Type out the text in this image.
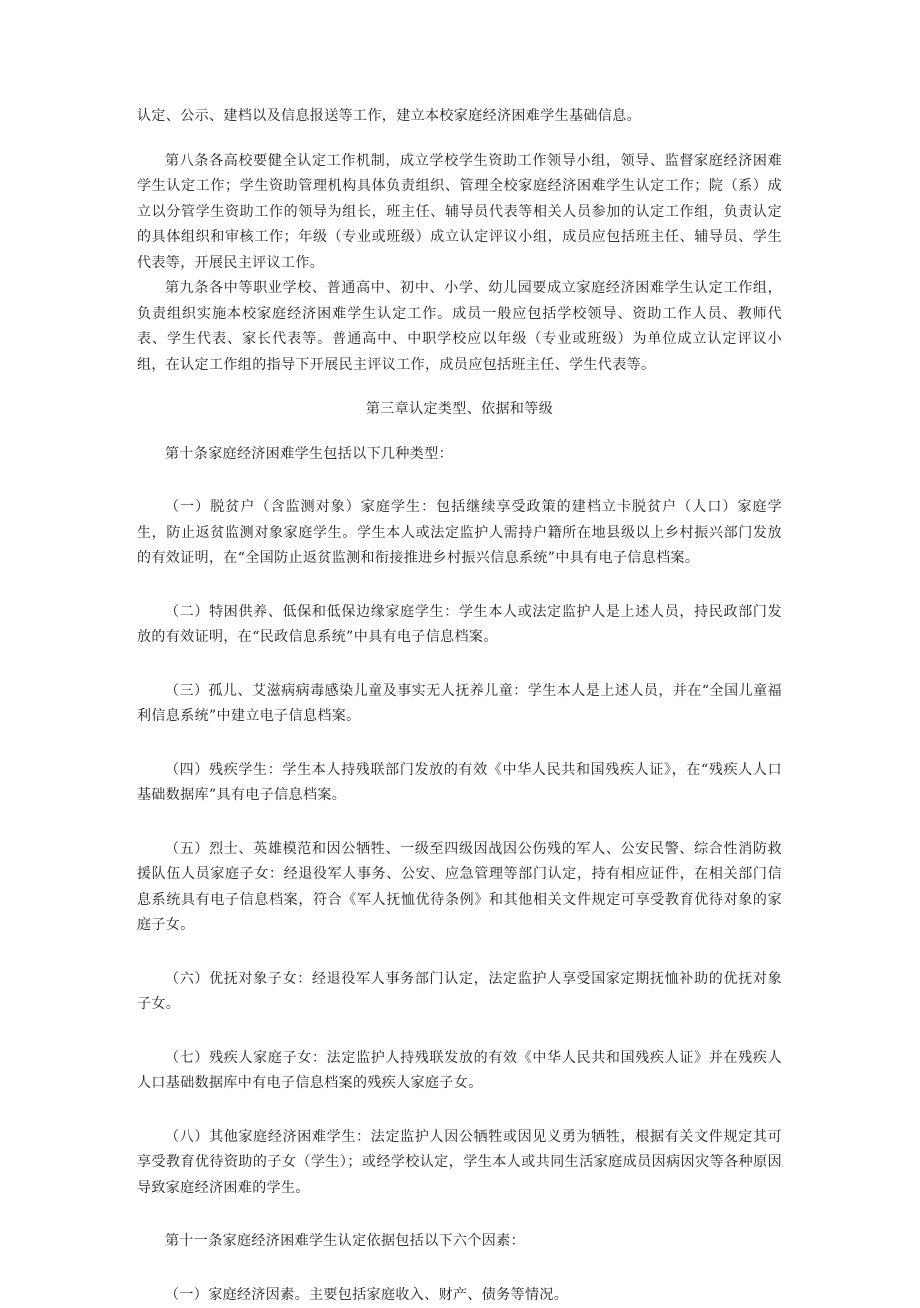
认定、公示、建档以及信息报送等工作，建立本校家庭经济困难学生基础信息。

第八条各高校要健全认定工作机制，成立学校学生资助工作领导小组，领导、监督家庭经济困难学生认定工作；学生资助管理机构具体负责组织、管理全校家庭经济困难学生认定工作；院（系）成立以分管学生资助工作的领导为组长，班主任、辅导员代表等相关人员参加的认定工作组，负责认定的具体组织和审核工作；年级（专业或班级）成立认定评议小组，成员应包括班主任、辅导员、学生代表等，开展民主评议工作。

第九条各中等职业学校、普通高中、初中、小学、幼儿园要成立家庭经济困难学生认定工作组，负责组织实施本校家庭经济困难学生认定工作。成员一般应包括学校领导、资助工作人员、教师代表、学生代表、家长代表等。普通高中、中职学校应以年级（专业或班级）为单位成立认定评议小组，在认定工作组的指导下开展民主评议工作，成员应包括班主任、学生代表等。

第三章认定类型、依据和等级

第十条家庭经济困难学生包括以下几种类型：

（一）脱贫户（含监测对象）家庭学生：包括继续享受政策的建档立卡脱贫户（人口）家庭学生，防止返贫监测对象家庭学生。学生本人或法定监护人需持户籍所在地县级以上乡村振兴部门发放的有效证明，在“全国防止返贫监测和衔接推进乡村振兴信息系统”中具有电子信息档案。

（二）特困供养、低保和低保边缘家庭学生：学生本人或法定监护人是上述人员，持民政部门发放的有效证明，在“民政信息系统”中具有电子信息档案。

（三）孤儿、艾滋病病毒感染儿童及事实无人抚养儿童：学生本人是上述人员，并在“全国儿童福利信息系统”中建立电子信息档案。

（四）残疾学生：学生本人持残联部门发放的有效《中华人民共和国残疾人证》，在“残疾人人口基础数据库”具有电子信息档案。

（五）烈士、英雄模范和因公牺牲、一级至四级因战因公伤残的军人、公安民警、综合性消防救援队伍人员家庭子女：经退役军人事务、公安、应急管理等部门认定，持有相应证件，在相关部门信息系统具有电子信息档案，符合《军人抚恤优待条例》和其他相关文件规定可享受教育优待对象的家庭子女。

（六）优抚对象子女：经退役军人事务部门认定，法定监护人享受国家定期抚恤补助的优抚对象子女。

（七）残疾人家庭子女：法定监护人持残联发放的有效《中华人民共和国残疾人证》并在残疾人人口基础数据库中有电子信息档案的残疾人家庭子女。

（八）其他家庭经济困难学生：法定监护人因公牺牲或因见义勇为牺牲，根据有关文件规定其可享受教育优待资助的子女（学生）；或经学校认定，学生本人或共同生活家庭成员因病因灾等各种原因导致家庭经济困难的学生。

第十一条家庭经济困难学生认定依据包括以下六个因素：

（一）家庭经济因素。主要包括家庭收入、财产、债务等情况。
